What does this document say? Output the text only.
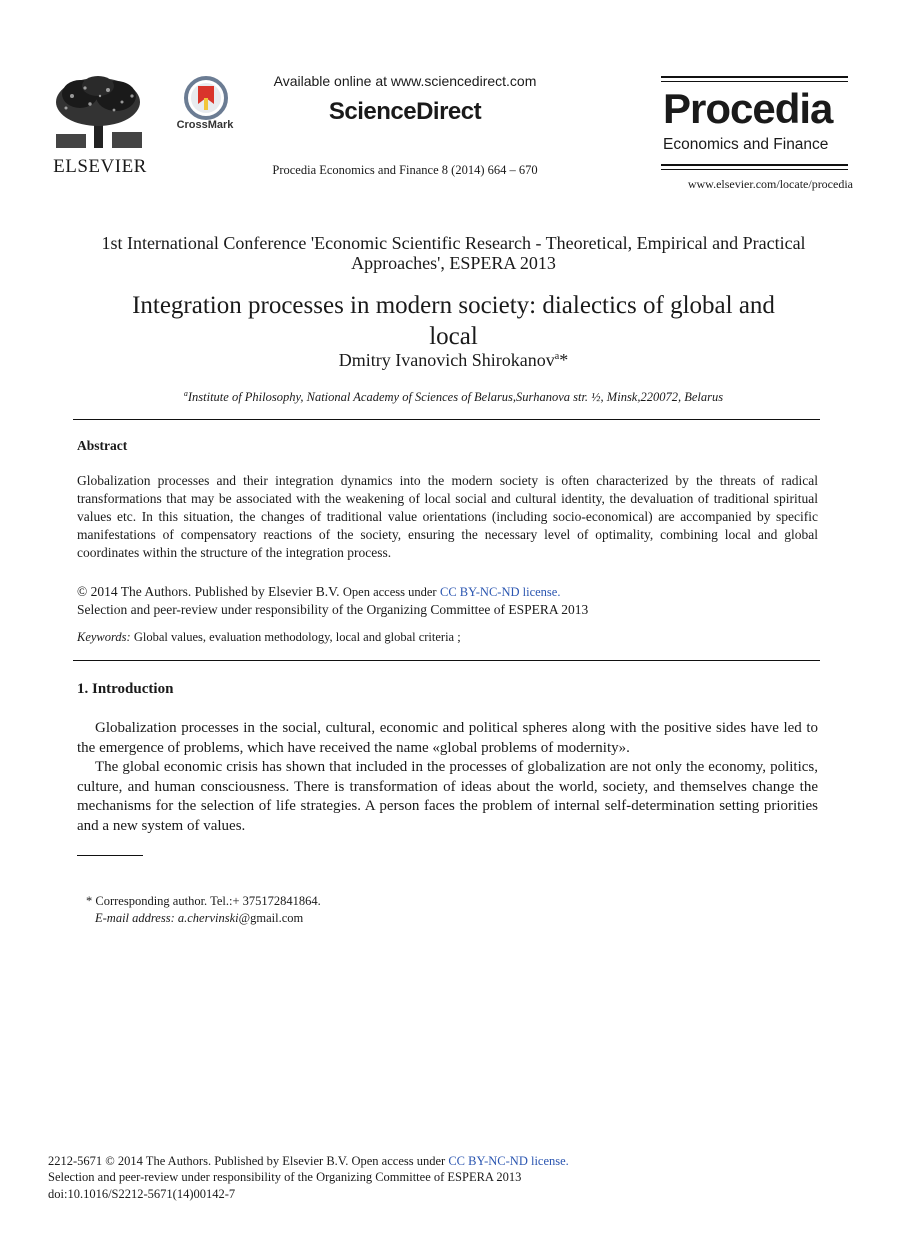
ELSEVIER
CrossMark
Available online at www.sciencedirect.com
ScienceDirect
Procedia Economics and Finance 8 (2014) 664 – 670
Procedia
Economics and Finance
www.elsevier.com/locate/procedia
1st International Conference 'Economic Scientific Research - Theoretical, Empirical and Practical
Approaches', ESPERA 2013
Integration processes in modern society: dialectics of global and
local
Dmitry Ivanovich Shirokanov$^a$*
$^a$Institute of Philosophy, National Academy of Sciences of Belarus,Surhanova str. ½, Minsk,220072, Belarus
Abstract
Globalization processes and their integration dynamics into the modern society is often characterized by the threats of radical transformations that may be associated with the weakening of local social and cultural identity, the devaluation of traditional spiritual values etc. In this situation, the changes of traditional value orientations (including socio-economical) are accompanied by specific manifestations of compensatory reactions of the society, ensuring the necessary level of optimality, combining local and global coordinates within the structure of the integration process.
© 2014 The Authors. Published by Elsevier B.V. Open access under CC BY-NC-ND license.
Selection and peer-review under responsibility of the Organizing Committee of ESPERA 2013
Keywords: Global values, evaluation methodology, local and global criteria ;
1. Introduction
Globalization processes in the social, cultural, economic and political spheres along with the positive sides have led to the emergence of problems, which have received the name «global problems of modernity».
The global economic crisis has shown that included in the processes of globalization are not only the economy, politics, culture, and human consciousness. There is transformation of ideas about the world, society, and themselves change the mechanisms for the selection of life strategies. A person faces the problem of internal self-determination setting priorities and a new system of values.
* Corresponding author. Tel.:+ 375172841864.
E-mail address: a.chervinski@gmail.com
2212-5671 © 2014 The Authors. Published by Elsevier B.V. Open access under CC BY-NC-ND license.
Selection and peer-review under responsibility of the Organizing Committee of ESPERA 2013
doi:10.1016/S2212-5671(14)00142-7
